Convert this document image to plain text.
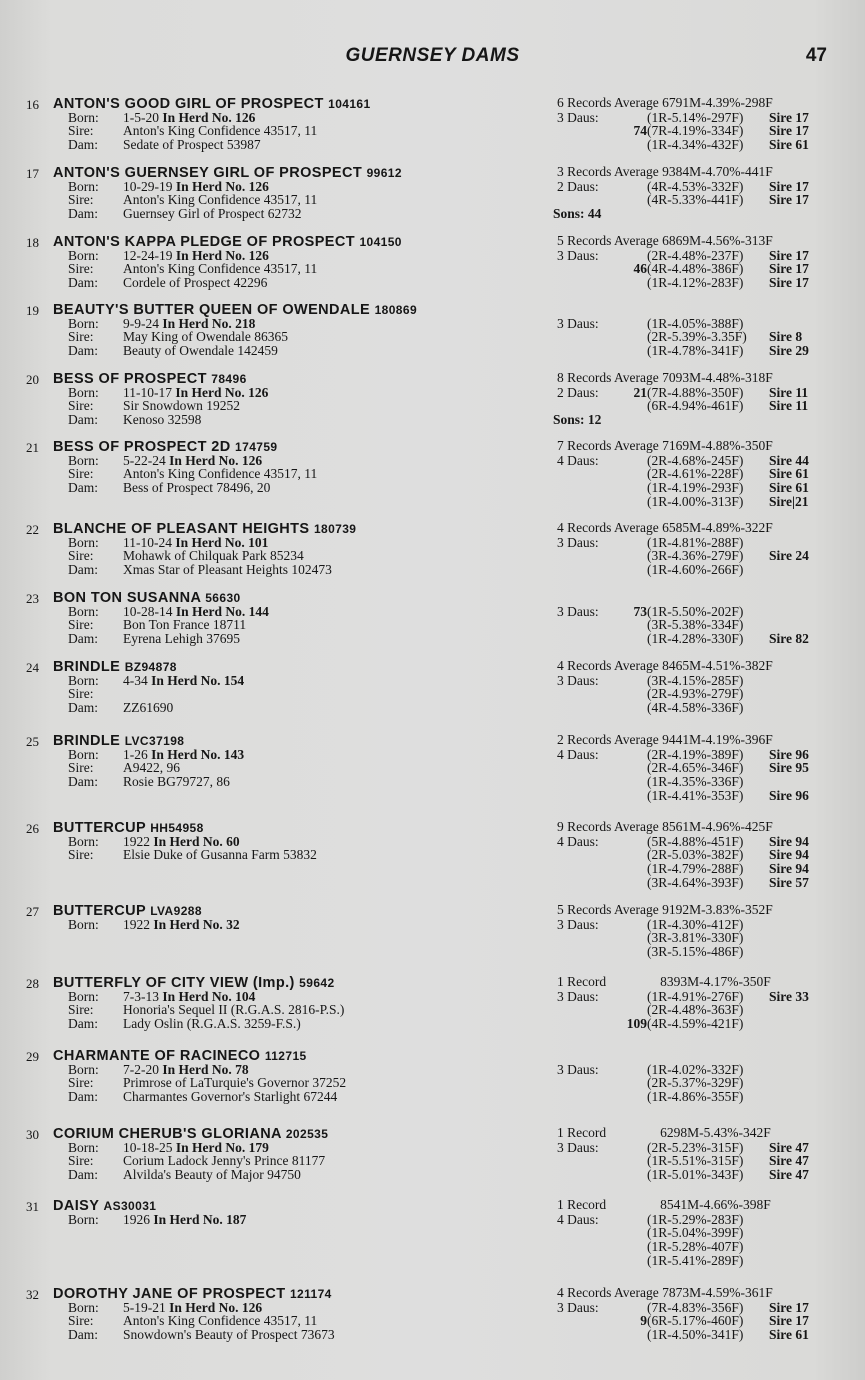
GUERNSEY DAMS	47
16 ANTON'S GOOD GIRL OF PROSPECT 104161
Born: 1-5-20 In Herd No. 126
Sire: Anton's King Confidence 43517, 11
Dam: Sedate of Prospect 53987
6 Records Average 6791M-4.39%-298F
3 Daus:	(1R-5.14%-297F) Sire 17
74 (7R-4.19%-334F) Sire 17
(1R-4.34%-432F) Sire 61
17 ANTON'S GUERNSEY GIRL OF PROSPECT 99612
Born: 10-29-19 In Herd No. 126
Sire: Anton's King Confidence 43517, 11
Dam: Guernsey Girl of Prospect 62732
3 Records Average 9384M-4.70%-441F
2 Daus:	(4R-4.53%-332F) Sire 17
(4R-5.33%-441F) Sire 17
Sons: 44
18 ANTON'S KAPPA PLEDGE OF PROSPECT 104150
Born: 12-24-19 In Herd No. 126
Sire: Anton's King Confidence 43517, 11
Dam: Cordele of Prospect 42296
5 Records Average 6869M-4.56%-313F
3 Daus:	(2R-4.48%-237F) Sire 17
46 (4R-4.48%-386F) Sire 17
(1R-4.12%-283F) Sire 17
19 BEAUTY'S BUTTER QUEEN OF OWENDALE 180869
Born: 9-9-24 In Herd No. 218
Sire: May King of Owendale 86365
Dam: Beauty of Owendale 142459
3 Daus:	(1R-4.05%-388F)
(2R-5.39%-3.35F) Sire 8
(1R-4.78%-341F) Sire 29
20 BESS OF PROSPECT 78496
Born: 11-10-17 In Herd No. 126
Sire: Sir Snowdown 19252
Dam: Kenoso 32598
8 Records Average 7093M-4.48%-318F
2 Daus:	21 (7R-4.88%-350F) Sire 11
(6R-4.94%-461F) Sire 11
Sons: 12
21 BESS OF PROSPECT 2D 174759
Born: 5-22-24 In Herd No. 126
Sire: Anton's King Confidence 43517, 11
Dam: Bess of Prospect 78496, 20
7 Records Average 7169M-4.88%-350F
4 Daus:	(2R-4.68%-245F) Sire 44
(2R-4.61%-228F) Sire 61
(1R-4.19%-293F) Sire 61
(1R-4.00%-313F) Sire|21
22 BLANCHE OF PLEASANT HEIGHTS 180739
Born: 11-10-24 In Herd No. 101
Sire: Mohawk of Chilquak Park 85234
Dam: Xmas Star of Pleasant Heights 102473
4 Records Average 6585M-4.89%-322F
3 Daus:	(1R-4.81%-288F)
(3R-4.36%-279F) Sire 24
(1R-4.60%-266F)
23 BON TON SUSANNA 56630
Born: 10-28-14 In Herd No. 144
Sire: Bon Ton France 18711
Dam: Eyrena Lehigh 37695
3 Daus:	73 (1R-5.50%-202F)
(3R-5.38%-334F)
(1R-4.28%-330F) Sire 82
24 BRINDLE BZ94878
Born: 4-34 In Herd No. 154
Sire:
Dam: ZZ61690
4 Records Average 8465M-4.51%-382F
3 Daus:	(3R-4.15%-285F)
(2R-4.93%-279F)
(4R-4.58%-336F)
25 BRINDLE LVC37198
Born: 1-26 In Herd No. 143
Sire: A9422, 96
Dam: Rosie BG79727, 86
2 Records Average 9441M-4.19%-396F
4 Daus:	(2R-4.19%-389F) Sire 96
(2R-4.65%-346F) Sire 95
(1R-4.35%-336F)
(1R-4.41%-353F) Sire 96
26 BUTTERCUP HH54958
Born: 1922 In Herd No. 60
Sire: Elsie Duke of Gusanna Farm 53832
9 Records Average 8561M-4.96%-425F
4 Daus:	(5R-4.88%-451F) Sire 94
(2R-5.03%-382F) Sire 94
(1R-4.79%-288F) Sire 94
(3R-4.64%-393F) Sire 57
27 BUTTERCUP LVA9288
Born: 1922 In Herd No. 32
5 Records Average 9192M-3.83%-352F
3 Daus:	(1R-4.30%-412F)
(3R-3.81%-330F)
(3R-5.15%-486F)
28 BUTTERFLY OF CITY VIEW (Imp.) 59642
Born: 7-3-13 In Herd No. 104
Sire: Honoria's Sequel II (R.G.A.S. 2816-P.S.)
Dam: Lady Oslin (R.G.A.S. 3259-F.S.)
1 Record                8393M-4.17%-350F
3 Daus:	(1R-4.91%-276F) Sire 33
(2R-4.48%-363F)
109 (4R-4.59%-421F)
29 CHARMANTE OF RACINECO 112715
Born: 7-2-20 In Herd No. 78
Sire: Primrose of LaTurquie's Governor 37252
Dam: Charmantes Governor's Starlight 67244
3 Daus:	(1R-4.02%-332F)
(2R-5.37%-329F)
(1R-4.86%-355F)
30 CORIUM CHERUB'S GLORIANA 202535
Born: 10-18-25 In Herd No. 179
Sire: Corium Ladock Jenny's Prince 81177
Dam: Alvilda's Beauty of Major 94750
1 Record                6298M-5.43%-342F
3 Daus:	(2R-5.23%-315F) Sire 47
(1R-5.51%-315F) Sire 47
(1R-5.01%-343F) Sire 47
31 DAISY AS30031
Born: 1926 In Herd No. 187
1 Record                8541M-4.66%-398F
4 Daus:	(1R-5.29%-283F)
(1R-5.04%-399F)
(1R-5.28%-407F)
(1R-5.41%-289F)
32 DOROTHY JANE OF PROSPECT 121174
Born: 5-19-21 In Herd No. 126
Sire: Anton's King Confidence 43517, 11
Dam: Snowdown's Beauty of Prospect 73673
4 Records Average 7873M-4.59%-361F
3 Daus:	(7R-4.83%-356F) Sire 17
9 (6R-5.17%-460F) Sire 17
(1R-4.50%-341F) Sire 61
